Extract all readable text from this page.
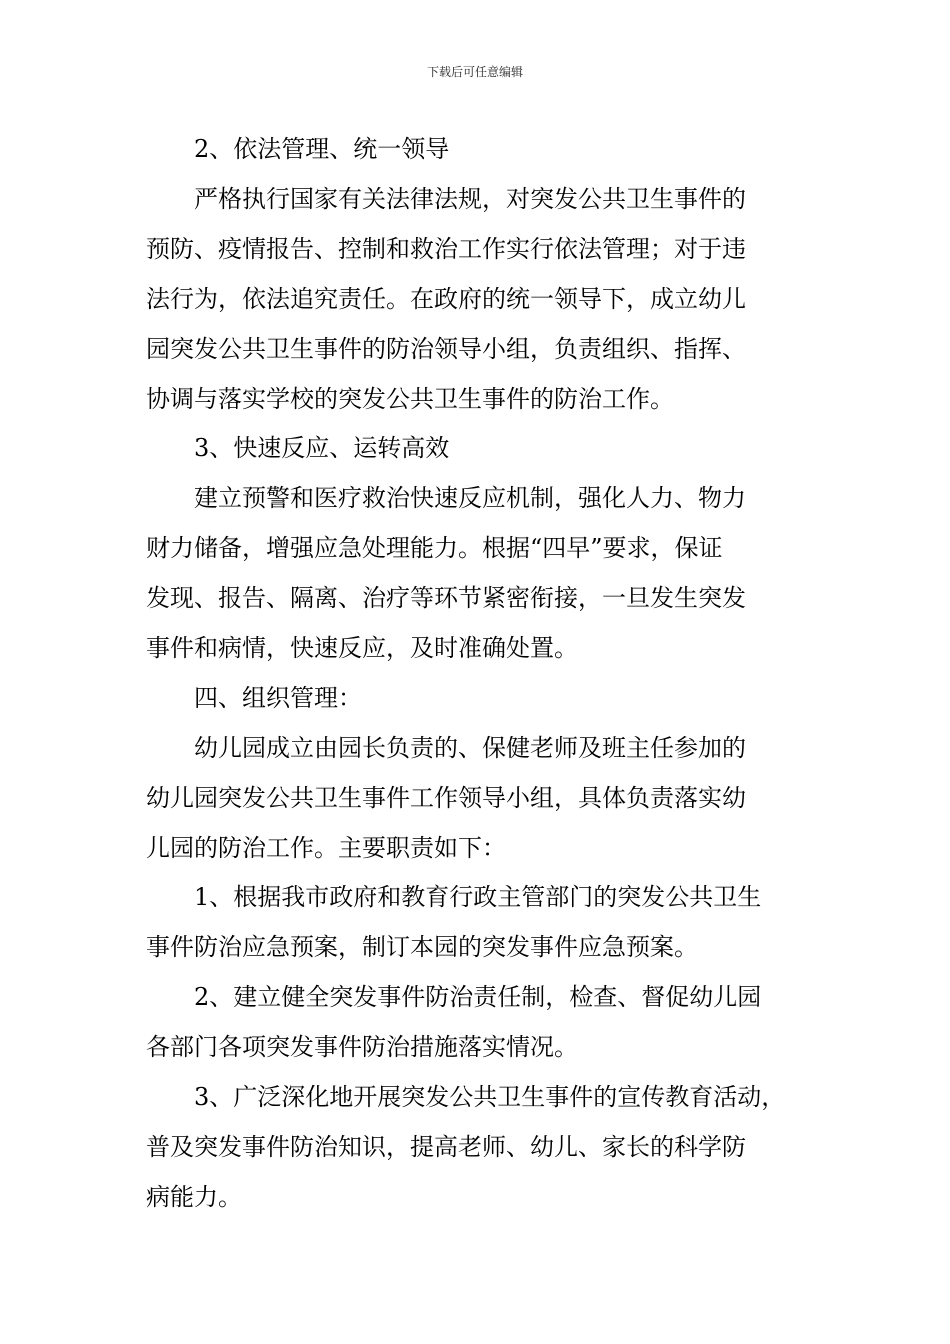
下载后可任意编辑
2、依法管理、统一领导
严格执行国家有关法律法规，对突发公共卫生事件的
预防、疫情报告、控制和救治工作实行依法管理；对于违
法行为，依法追究责任。在政府的统一领导下，成立幼儿
园突发公共卫生事件的防治领导小组，负责组织、指挥、
协调与落实学校的突发公共卫生事件的防治工作。
3、快速反应、运转高效
建立预警和医疗救治快速反应机制，强化人力、物力
财力储备，增强应急处理能力。根据“四早”要求，保证
发现、报告、隔离、治疗等环节紧密衔接，一旦发生突发
事件和病情，快速反应，及时准确处置。
四、组织管理：
幼儿园成立由园长负责的、保健老师及班主任参加的
幼儿园突发公共卫生事件工作领导小组，具体负责落实幼
儿园的防治工作。主要职责如下：
1、根据我市政府和教育行政主管部门的突发公共卫生
事件防治应急预案，制订本园的突发事件应急预案。
2、建立健全突发事件防治责任制，检查、督促幼儿园
各部门各项突发事件防治措施落实情况。
3、广泛深化地开展突发公共卫生事件的宣传教育活动，
普及突发事件防治知识，提高老师、幼儿、家长的科学防
病能力。
